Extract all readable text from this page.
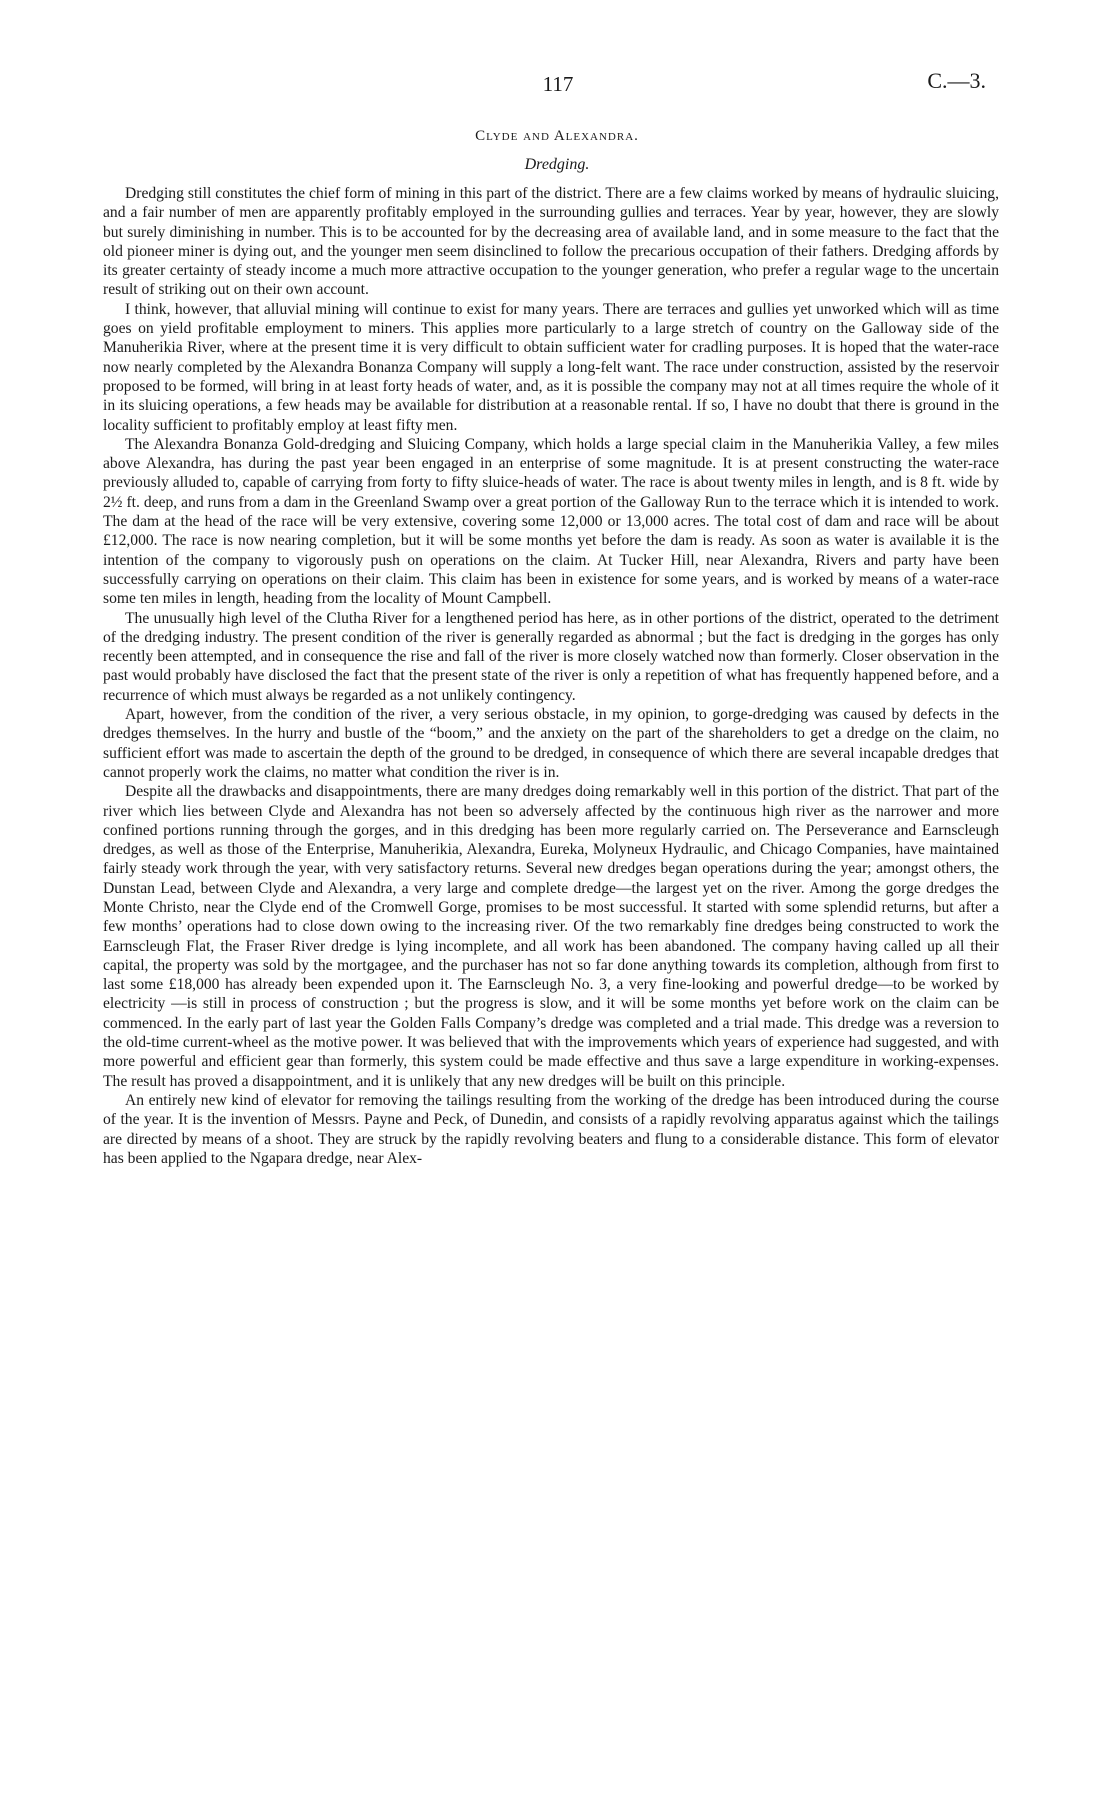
117	C.—3.
Clyde and Alexandra.
Dredging.

Dredging still constitutes the chief form of mining in this part of the district. There are a few claims worked by means of hydraulic sluicing, and a fair number of men are apparently profitably employed in the surrounding gullies and terraces. Year by year, however, they are slowly but surely diminishing in number. This is to be accounted for by the decreasing area of available land, and in some measure to the fact that the old pioneer miner is dying out, and the younger men seem disinclined to follow the precarious occupation of their fathers. Dredging affords by its greater certainty of steady income a much more attractive occupation to the younger generation, who prefer a regular wage to the uncertain result of striking out on their own account.

I think, however, that alluvial mining will continue to exist for many years. There are terraces and gullies yet unworked which will as time goes on yield profitable employment to miners. This applies more particularly to a large stretch of country on the Galloway side of the Manuherikia River, where at the present time it is very difficult to obtain sufficient water for cradling purposes. It is hoped that the water-race now nearly completed by the Alexandra Bonanza Company will supply a long-felt want. The race under construction, assisted by the reservoir proposed to be formed, will bring in at least forty heads of water, and, as it is possible the company may not at all times require the whole of it in its sluicing operations, a few heads may be available for distribution at a reasonable rental. If so, I have no doubt that there is ground in the locality sufficient to profitably employ at least fifty men.

The Alexandra Bonanza Gold-dredging and Sluicing Company, which holds a large special claim in the Manuherikia Valley, a few miles above Alexandra, has during the past year been engaged in an enterprise of some magnitude. It is at present constructing the water-race previously alluded to, capable of carrying from forty to fifty sluice-heads of water. The race is about twenty miles in length, and is 8 ft. wide by 2½ ft. deep, and runs from a dam in the Greenland Swamp over a great portion of the Galloway Run to the terrace which it is intended to work. The dam at the head of the race will be very extensive, covering some 12,000 or 13,000 acres. The total cost of dam and race will be about £12,000. The race is now nearing completion, but it will be some months yet before the dam is ready. As soon as water is available it is the intention of the company to vigorously push on operations on the claim. At Tucker Hill, near Alexandra, Rivers and party have been successfully carrying on operations on their claim. This claim has been in existence for some years, and is worked by means of a water-race some ten miles in length, heading from the locality of Mount Campbell.

The unusually high level of the Clutha River for a lengthened period has here, as in other portions of the district, operated to the detriment of the dredging industry. The present condition of the river is generally regarded as abnormal ; but the fact is dredging in the gorges has only recently been attempted, and in consequence the rise and fall of the river is more closely watched now than formerly. Closer observation in the past would probably have disclosed the fact that the present state of the river is only a repetition of what has frequently happened before, and a recurrence of which must always be regarded as a not unlikely contingency.

Apart, however, from the condition of the river, a very serious obstacle, in my opinion, to gorge-dredging was caused by defects in the dredges themselves. In the hurry and bustle of the “boom,” and the anxiety on the part of the shareholders to get a dredge on the claim, no sufficient effort was made to ascertain the depth of the ground to be dredged, in consequence of which there are several incapable dredges that cannot properly work the claims, no matter what condition the river is in.

Despite all the drawbacks and disappointments, there are many dredges doing remarkably well in this portion of the district. That part of the river which lies between Clyde and Alexandra has not been so adversely affected by the continuous high river as the narrower and more confined portions running through the gorges, and in this dredging has been more regularly carried on. The Perseverance and Earnscleugh dredges, as well as those of the Enterprise, Manuherikia, Alexandra, Eureka, Molyneux Hydraulic, and Chicago Companies, have maintained fairly steady work through the year, with very satisfactory returns. Several new dredges began operations during the year; amongst others, the Dunstan Lead, between Clyde and Alexandra, a very large and complete dredge—the largest yet on the river. Among the gorge dredges the Monte Christo, near the Clyde end of the Cromwell Gorge, promises to be most successful. It started with some splendid returns, but after a few months’ operations had to close down owing to the increasing river. Of the two remarkably fine dredges being constructed to work the Earnscleugh Flat, the Fraser River dredge is lying incomplete, and all work has been abandoned. The company having called up all their capital, the property was sold by the mortgagee, and the purchaser has not so far done anything towards its completion, although from first to last some £18,000 has already been expended upon it. The Earnscleugh No. 3, a very fine-looking and powerful dredge—to be worked by electricity —is still in process of construction ; but the progress is slow, and it will be some months yet before work on the claim can be commenced. In the early part of last year the Golden Falls Company’s dredge was completed and a trial made. This dredge was a reversion to the old-time current-wheel as the motive power. It was believed that with the improvements which years of experience had suggested, and with more powerful and efficient gear than formerly, this system could be made effective and thus save a large expenditure in working-expenses. The result has proved a disappointment, and it is unlikely that any new dredges will be built on this principle.

An entirely new kind of elevator for removing the tailings resulting from the working of the dredge has been introduced during the course of the year. It is the invention of Messrs. Payne and Peck, of Dunedin, and consists of a rapidly revolving apparatus against which the tailings are directed by means of a shoot. They are struck by the rapidly revolving beaters and flung to a considerable distance. This form of elevator has been applied to the Ngapara dredge, near Alex-
